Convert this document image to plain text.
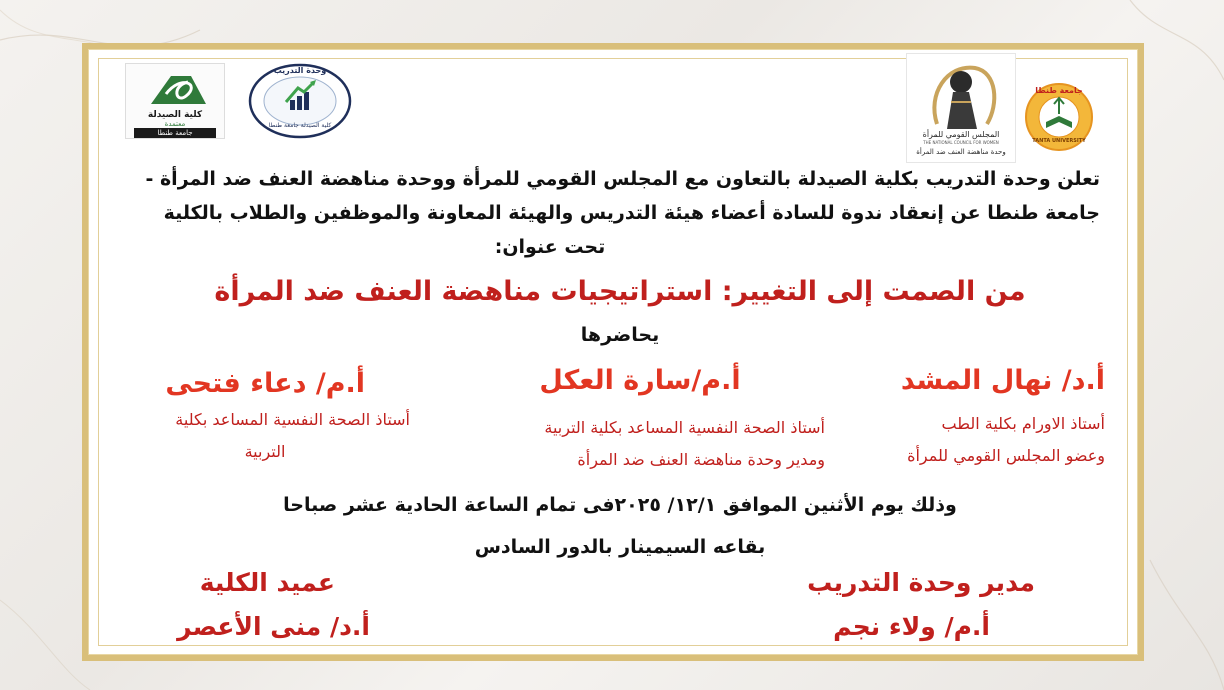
كلية الصيدلة
معتمدة
جامعة طنطا
وحدة التدريب
كلية الصيدلة جامعة طنطا
المجلس القومي للمرأة
THE NATIONAL COUNCIL FOR WOMEN
وحدة مناهضة العنف ضد المرأة
جامعة طنطا
TANTA UNIVERSITY
تعلن وحدة التدريب بكلية الصيدلة بالتعاون مع المجلس القومي للمرأة ووحدة مناهضة العنف ضد المرأة -
جامعة طنطا عن إنعقاد ندوة للسادة أعضاء هيئة التدريس والهيئة المعاونة والموظفين والطلاب بالكلية
تحت عنوان:
من الصمت إلى التغيير: استراتيجيات مناهضة العنف ضد المرأة
يحاضرها
أ.د/ نهال المشد
أستاذ الاورام بكلية الطب
وعضو المجلس القومي للمرأة
أ.م/سارة العكل
أستاذ الصحة النفسية المساعد بكلية التربية
ومدير وحدة مناهضة العنف ضد المرأة
أ.م/ دعاء فتحى
أستاذ الصحة النفسية المساعد بكلية
التربية
وذلك يوم الأثنين الموافق ١٢/١/ ٢٠٢٥فى تمام الساعة الحادية عشر صباحا
بقاعه السيمينار بالدور السادس
مدير وحدة التدريب
أ.م/ ولاء نجم
عميد الكلية
أ.د/ منى الأعصر
